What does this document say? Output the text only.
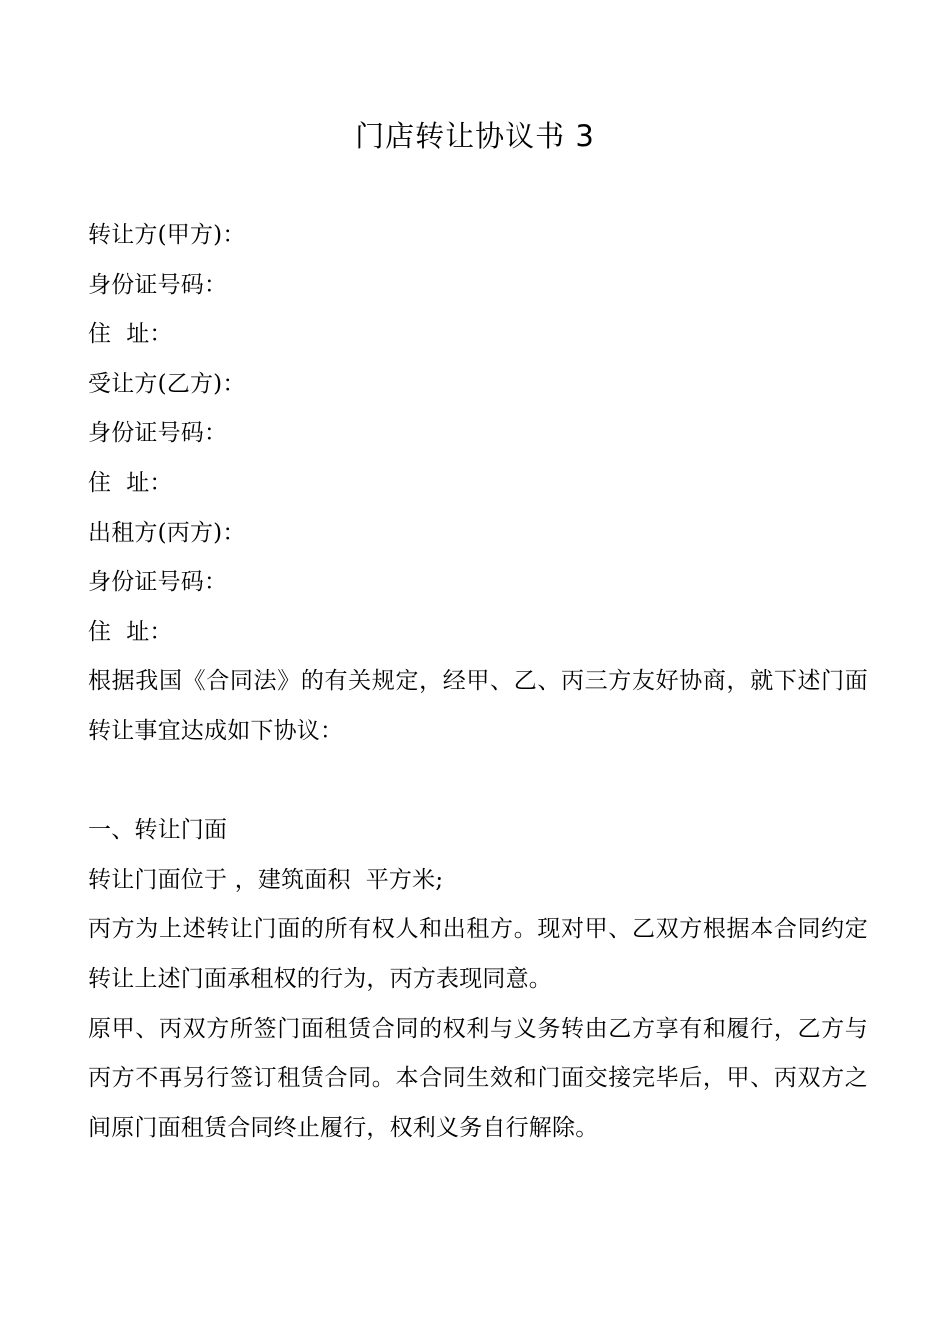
门店转让协议书 3

转让方(甲方)：

身份证号码：

住  址：

受让方(乙方)：

身份证号码：

住  址：

出租方(丙方)：

身份证号码：

住  址：

根据我国《合同法》的有关规定，经甲、乙、丙三方友好协商，就下述门面转让事宜达成如下协议：

一、转让门面

转让门面位于 ，建筑面积  平方米;

丙方为上述转让门面的所有权人和出租方。现对甲、乙双方根据本合同约定转让上述门面承租权的行为，丙方表现同意。

原甲、丙双方所签门面租赁合同的权利与义务转由乙方享有和履行，乙方与丙方不再另行签订租赁合同。本合同生效和门面交接完毕后，甲、丙双方之间原门面租赁合同终止履行，权利义务自行解除。
